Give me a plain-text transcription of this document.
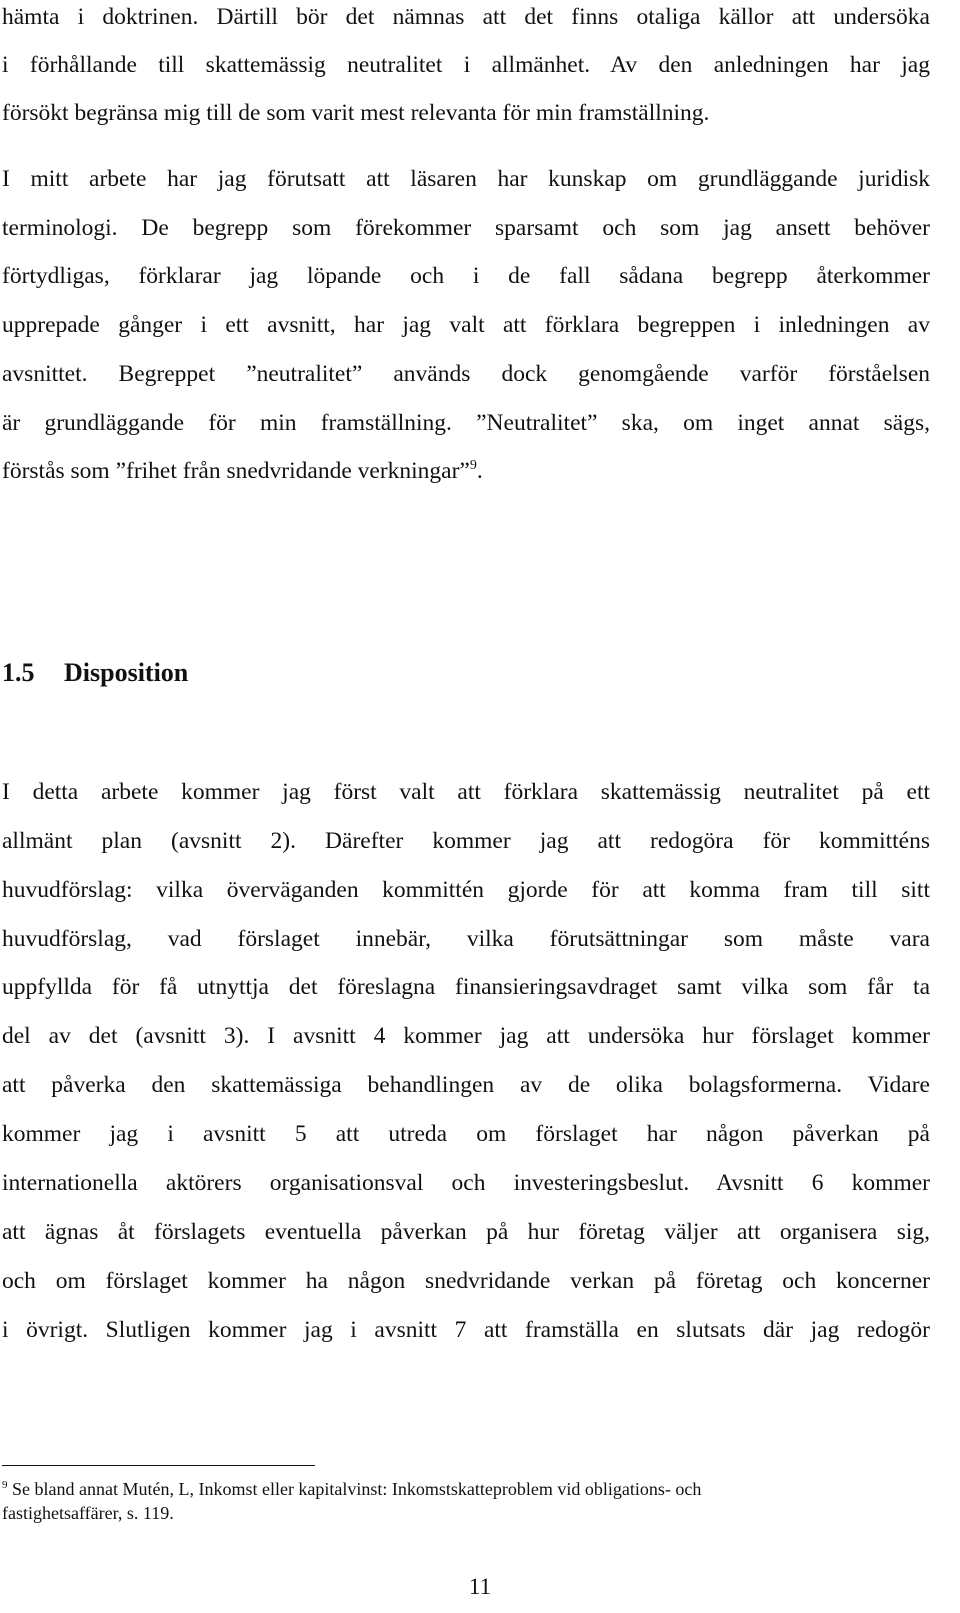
hämta i doktrinen. Därtill bör det nämnas att det finns otaliga källor att undersöka
i förhållande till skattemässig neutralitet i allmänhet. Av den anledningen har jag
försökt begränsa mig till de som varit mest relevanta för min framställning.
I mitt arbete har jag förutsatt att läsaren har kunskap om grundläggande juridisk
terminologi. De begrepp som förekommer sparsamt och som jag ansett behöver
förtydligas, förklarar jag löpande och i de fall sådana begrepp återkommer
upprepade gånger i ett avsnitt, har jag valt att förklara begreppen i inledningen av
avsnittet. Begreppet ”neutralitet” används dock genomgående varför förståelsen
är grundläggande för min framställning. ”Neutralitet” ska, om inget annat sägs,
förstås som ”frihet från snedvridande verkningar”$^9$.
1.5 Disposition
I detta arbete kommer jag först valt att förklara skattemässig neutralitet på ett
allmänt plan (avsnitt 2). Därefter kommer jag att redogöra för kommitténs
huvudförslag: vilka överväganden kommittén gjorde för att komma fram till sitt
huvudförslag, vad förslaget innebär, vilka förutsättningar som måste vara
uppfyllda för få utnyttja det föreslagna finansieringsavdraget samt vilka som får ta
del av det (avsnitt 3). I avsnitt 4 kommer jag att undersöka hur förslaget kommer
att påverka den skattemässiga behandlingen av de olika bolagsformerna. Vidare
kommer jag i avsnitt 5 att utreda om förslaget har någon påverkan på
internationella aktörers organisationsval och investeringsbeslut. Avsnitt 6 kommer
att ägnas åt förslagets eventuella påverkan på hur företag väljer att organisera sig,
och om förslaget kommer ha någon snedvridande verkan på företag och koncerner
i övrigt. Slutligen kommer jag i avsnitt 7 att framställa en slutsats där jag redogör
$^9$ Se bland annat Mutén, L, Inkomst eller kapitalvinst: Inkomstskatteproblem vid obligations- och
fastighetsaffärer, s. 119.
11
